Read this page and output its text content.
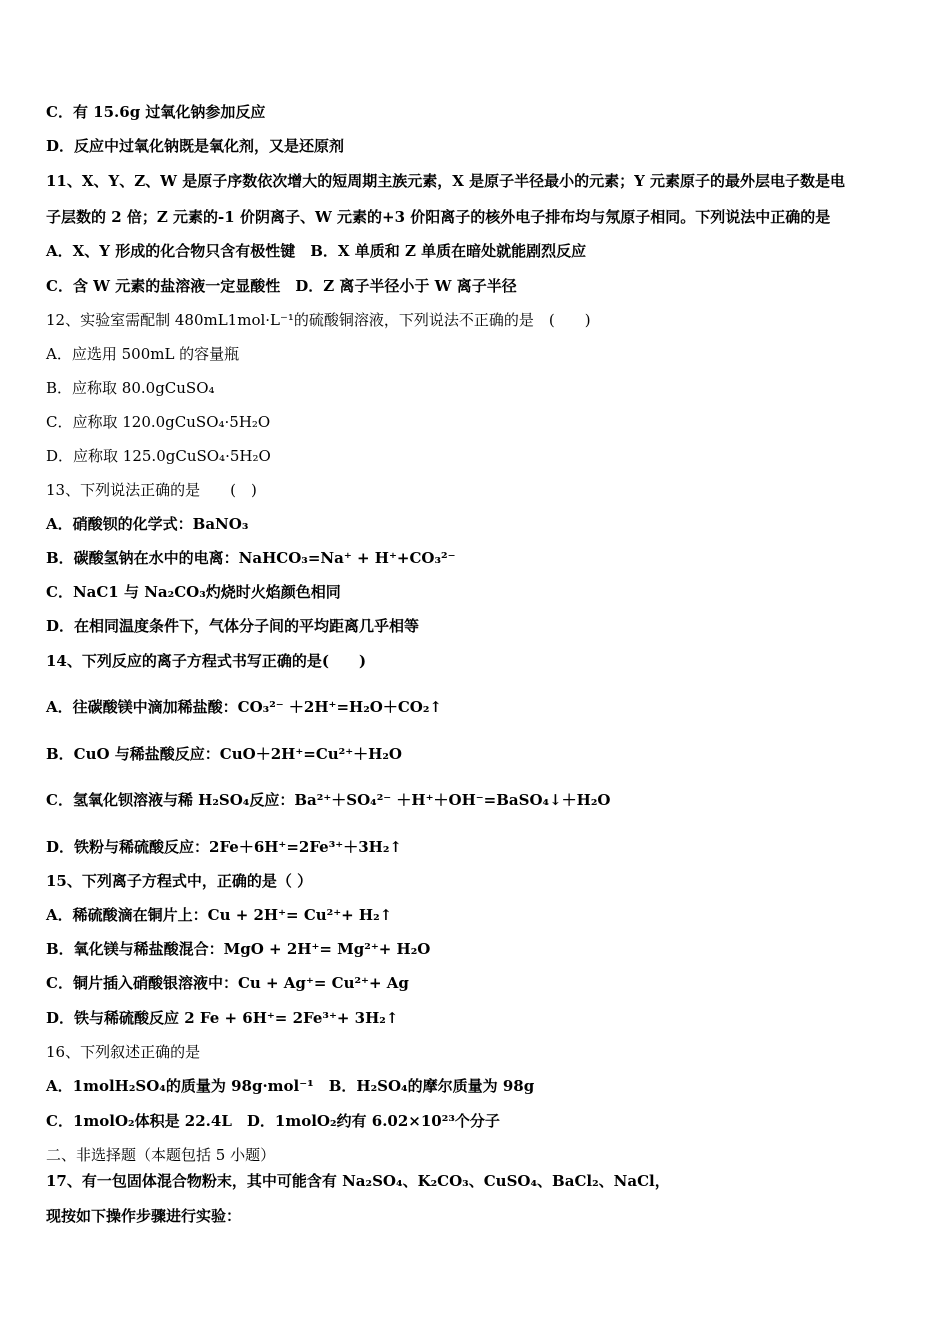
C．有 15.6g 过氧化钠参加反应
D．反应中过氧化钠既是氧化剂，又是还原剂
11、X、Y、Z、W 是原子序数依次增大的短周期主族元素，X 是原子半径最小的元素；Y 元素原子的最外层电子数是电
子层数的 2 倍；Z 元素的-1 价阴离子、W 元素的+3 价阳离子的核外电子排布均与氖原子相同。下列说法中正确的是
A．X、Y 形成的化合物只含有极性键　B．X 单质和 Z 单质在暗处就能剧烈反应
C．含 W 元素的盐溶液一定显酸性　D．Z 离子半径小于 W 离子半径
12、实验室需配制 480mL1mol·L⁻¹的硫酸铜溶液，下列说法不正确的是　(　　)
A．应选用 500mL 的容量瓶
B．应称取 80.0gCuSO₄
C．应称取 120.0gCuSO₄·5H₂O
D．应称取 125.0gCuSO₄·5H₂O
13、下列说法正确的是　　(　)
A．硝酸钡的化学式：BaNO₃
B．碳酸氢钠在水中的电离：NaHCO₃=Na⁺ + H⁺+CO₃²⁻
C．NaC1 与 Na₂CO₃灼烧时火焰颜色相同
D．在相同温度条件下，气体分子间的平均距离几乎相等
14、下列反应的离子方程式书写正确的是(　　)
A．往碳酸镁中滴加稀盐酸：CO₃²⁻ ＋2H⁺=H₂O＋CO₂↑
B．CuO 与稀盐酸反应：CuO＋2H⁺=Cu²⁺＋H₂O
C．氢氧化钡溶液与稀 H₂SO₄反应：Ba²⁺＋SO₄²⁻ ＋H⁺＋OH⁻=BaSO₄↓＋H₂O
D．铁粉与稀硫酸反应：2Fe＋6H⁺=2Fe³⁺＋3H₂↑
15、下列离子方程式中，正确的是（ ）
A．稀硫酸滴在铜片上：Cu + 2H⁺= Cu²⁺+ H₂↑
B．氧化镁与稀盐酸混合：MgO + 2H⁺= Mg²⁺+ H₂O
C．铜片插入硝酸银溶液中：Cu + Ag⁺= Cu²⁺+ Ag
D．铁与稀硫酸反应 2 Fe + 6H⁺= 2Fe³⁺+ 3H₂↑
16、下列叙述正确的是
A．1molH₂SO₄的质量为 98g·mol⁻¹　B．H₂SO₄的摩尔质量为 98g
C．1molO₂体积是 22.4L　D．1molO₂约有 6.02×10²³个分子
二、非选择题（本题包括 5 小题）
17、有一包固体混合物粉末，其中可能含有 Na₂SO₄、K₂CO₃、CuSO₄、BaCl₂、NaCl，
现按如下操作步骤进行实验：
